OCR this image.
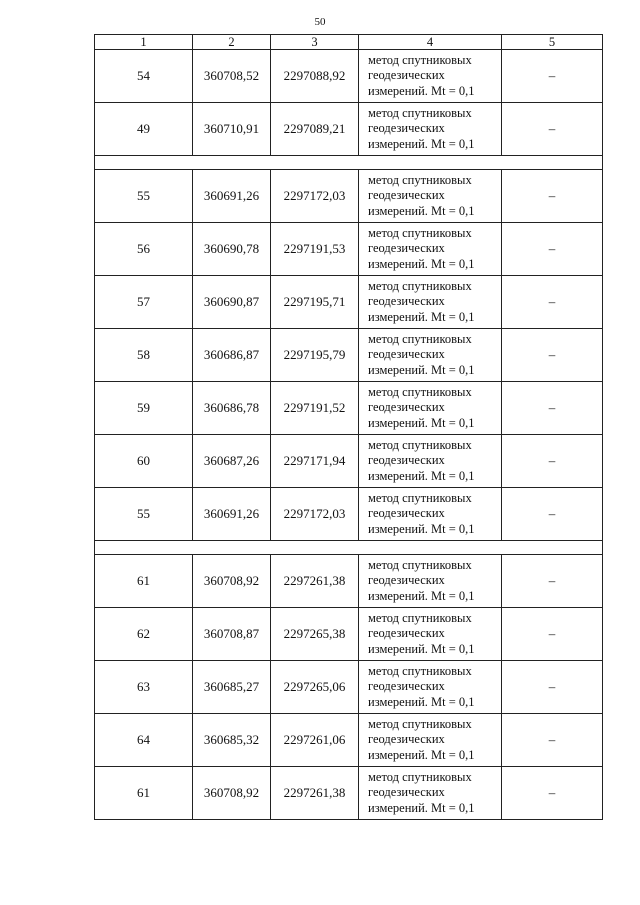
50
1	2	3	4	5
54	360708,52	2297088,92	метод спутниковых
геодезических
измерений. Mt = 0,1	–
49	360710,91	2297089,21	метод спутниковых
геодезических
измерений. Mt = 0,1	–

55	360691,26	2297172,03	метод спутниковых
геодезических
измерений. Mt = 0,1	–
56	360690,78	2297191,53	метод спутниковых
геодезических
измерений. Mt = 0,1	–
57	360690,87	2297195,71	метод спутниковых
геодезических
измерений. Mt = 0,1	–
58	360686,87	2297195,79	метод спутниковых
геодезических
измерений. Mt = 0,1	–
59	360686,78	2297191,52	метод спутниковых
геодезических
измерений. Mt = 0,1	–
60	360687,26	2297171,94	метод спутниковых
геодезических
измерений. Mt = 0,1	–
55	360691,26	2297172,03	метод спутниковых
геодезических
измерений. Mt = 0,1	–

61	360708,92	2297261,38	метод спутниковых
геодезических
измерений. Mt = 0,1	–
62	360708,87	2297265,38	метод спутниковых
геодезических
измерений. Mt = 0,1	–
63	360685,27	2297265,06	метод спутниковых
геодезических
измерений. Mt = 0,1	–
64	360685,32	2297261,06	метод спутниковых
геодезических
измерений. Mt = 0,1	–
61	360708,92	2297261,38	метод спутниковых
геодезических
измерений. Mt = 0,1	–
